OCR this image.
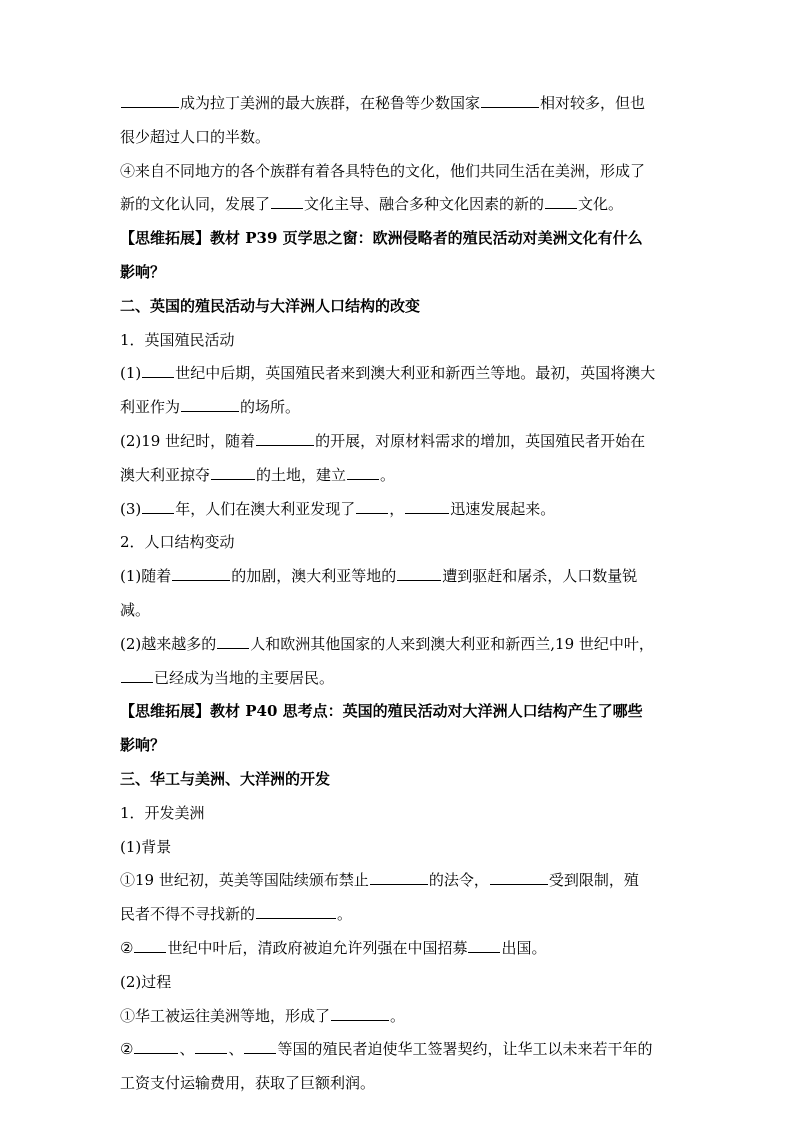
成为拉丁美洲的最大族群，在秘鲁等少数国家	相对较多，但也
很少超过人口的半数。
④来自不同地方的各个族群有着各具特色的文化，他们共同生活在美洲，形成了
新的文化认同，发展了 文化主导、融合多种文化因素的新的 文化。
【思维拓展】教材 P39 页学思之窗：欧洲侵略者的殖民活动对美洲文化有什么
影响？
二、英国的殖民活动与大洋洲人口结构的改变
1．英国殖民活动
(1) 世纪中后期，英国殖民者来到澳大利亚和新西兰等地。最初，英国将澳大
利亚作为	的场所。
(2)19 世纪时，随着	的开展，对原材料需求的增加，英国殖民者开始在
澳大利亚掠夺	的土地，建立 。
(3) 年，人们在澳大利亚发现了 ，	迅速发展起来。
2．人口结构变动
(1)随着	的加剧，澳大利亚等地的	遭到驱赶和屠杀，人口数量锐
减。
(2)越来越多的 人和欧洲其他国家的人来到澳大利亚和新西兰,19 世纪中叶，
已经成为当地的主要居民。
【思维拓展】教材 P40 思考点：英国的殖民活动对大洋洲人口结构产生了哪些
影响？
三、华工与美洲、大洋洲的开发
1．开发美洲
(1)背景
①19 世纪初，英美等国陆续颁布禁止	的法令，	受到限制，殖
民者不得不寻找新的	。
② 世纪中叶后，清政府被迫允许列强在中国招募 出国。
(2)过程
①华工被运往美洲等地，形成了	。
②	、 、 等国的殖民者迫使华工签署契约，让华工以未来若干年的
工资支付运输费用，获取了巨额利润。
